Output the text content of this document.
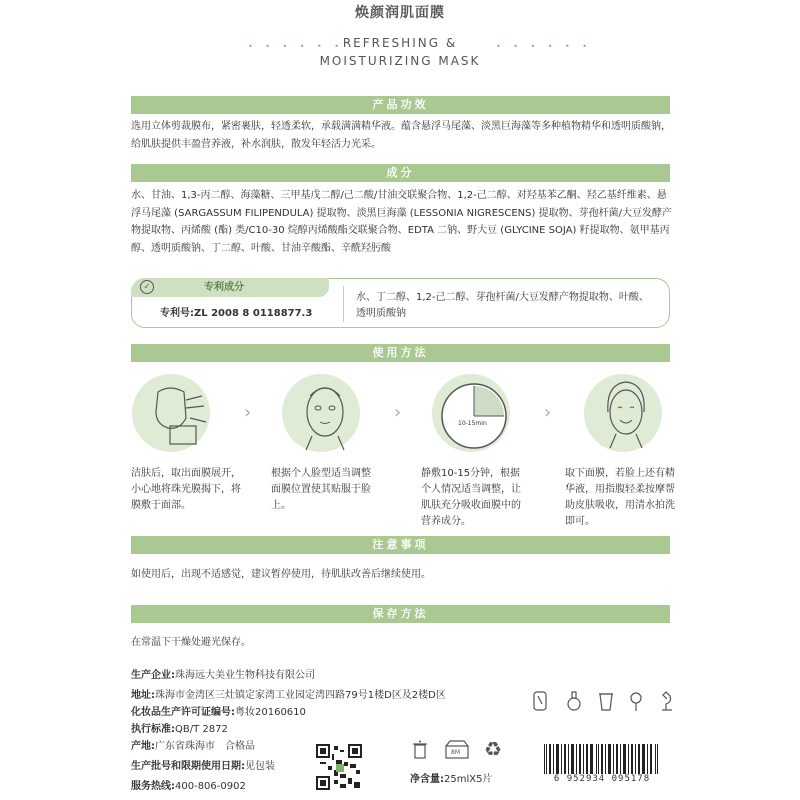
焕颜润肌面膜
• • • • • •	• • • • • •
REFRESHING &
MOISTURIZING MASK
产品功效
选用立体剪裁膜布，紧密裹肤，轻透柔软，承载满满精华液。蕴含悬浮马尾藻、淡黑巨海藻等多种植物精华和透明质酸钠，给肌肤提供丰盈营养液，补水润肤，散发年轻活力光采。
成分
水、甘油、1,3-丙二醇、海藻糖、三甲基戊二醇/己二酸/甘油交联聚合物、1,2-己二醇、对羟基苯乙酮、羟乙基纤维素、悬浮马尾藻 (SARGASSUM FILIPENDULA) 提取物、淡黑巨海藻 (LESSONIA NIGRESCENS) 提取物、芽孢杆菌/大豆发酵产物提取物、丙烯酸 (酯) 类/C10-30 烷醇丙烯酸酯交联聚合物、EDTA 二钠、野大豆 (GLYCINE SOJA) 籽提取物、氨甲基丙醇、透明质酸钠、丁二醇、叶酸、甘油辛酸酯、辛酰羟肟酸
✓	专利成分
专利号:ZL 2008 8 0118877.3
水、丁二醇、1,2-己二醇、芽孢杆菌/大豆发酵产物提取物、叶酸、透明质酸钠
使用方法
›	›
10-15min
›
洁肤后，取出面膜展开，小心地将珠光膜揭下，将膜敷于面部。
根据个人脸型适当调整面膜位置使其贴服于脸上。
静敷10-15分钟，根据个人情况适当调整，让肌肤充分吸收面膜中的营养成分。
取下面膜，若脸上还有精华液，用指腹轻柔按摩帮助皮肤吸收，用清水拍洗即可。
注意事项
如使用后，出现不适感觉，建议暂停使用，待肌肤改善后继续使用。
保存方法
在常温下干燥处避光保存。
生产企业:珠海远大美业生物科技有限公司
地址:珠海市金湾区三灶镇定家湾工业园定湾四路79号1楼D区及2楼D区
化妆品生产许可证编号:粤妆20160610
执行标准:QB/T 2872
产地:广东省珠海市 合格品
生产批号和限期使用日期:见包装
服务热线:400-806-0902
8M ♻
净含量:25mlX5片	6 952934 095178
